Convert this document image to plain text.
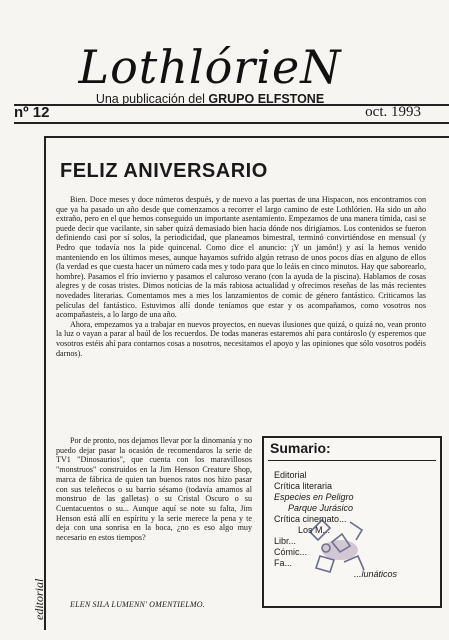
LothlórieN
Una publicación del GRUPO ELFSTONE
nº 12	oct. 1993
editorial
FELIZ ANIVERSARIO

Bien. Doce meses y doce números después, y de nuevo a las puertas de una Hispacon, nos encontramos con que ya ha pasado un año desde que comenzamos a recorrer el largo camino de este Lothlórien. Ha sido un año extraño, pero en el que hemos conseguido un importante asentamiento. Empezamos de una manera tímida, casi se puede decir que vacilante, sin saber quizá demasiado bien hacia dónde nos dirigíamos. Los contenidos se fueron definiendo casi por sí solos, la periodicidad, que planeamos bimestral, terminó convirtiéndose en mensual (y Pedro que todavía nos la pide quincenal. Como dice el anuncio: ¡Y un jamón!) y así la hemos venido manteniendo en los últimos meses, aunque hayamos sufrido algún retraso de unos pocos días en alguno de ellos (la verdad es que cuesta hacer un número cada mes y todo para que lo leáis en cinco minutos. Hay que saborearlo, hombre). Pasamos el frío invierno y pasamos el caluroso verano (con la ayuda de la piscina). Hablamos de cosas alegres y de cosas tristes. Dimos noticias de la más rabiosa actualidad y ofrecimos reseñas de las más recientes novedades literarias. Comentamos mes a mes los lanzamientos de comic de género fantástico. Criticamos las películas del fantástico. Estuvimos allí donde teníamos que estar y os acompañamos, como vosotros nos acompañasteis, a lo largo de una año.

Ahora, empezamos ya a trabajar en nuevos proyectos, en nuevas ilusiones que quizá, o quizá no, vean pronto la luz o vayan a parar al baúl de los recuerdos. De todas maneras estaremos ahí para contároslo (y esperemos que vosotros estéis ahí para contarnos cosas a nosotros, necesitamos el apoyo y las opiniones que sólo vosotros podéis darnos).

Por de pronto, nos dejamos llevar por la dinomanía y no puedo dejar pasar la ocasión de recomendaros la serie de TV1 "Dinosaurios", que cuenta con los maravillosos "monstruos" construidos en la Jim Henson Creature Shop, marca de fábrica de quien tan buenos ratos nos hizo pasar con sus teleñecos o su barrio sésamo (todavía amamos al monstruo de las galletas) o su Cristal Oscuro o su Cuentacuentos o su... Aunque aquí se note su falta, Jim Henson está allí en espíritu y la serie merece la pena y te deja con una sonrisa en la boca, ¿no es eso algo muy necesario en estos tiempos?

ELEN SILA LUMENN' OMENTIELMO.
Sumario:
Editorial
Crítica literaria
Especies en Peligro
Parque Jurásico
Crítica cinemato...
Los M...
Libr...
Cómic...
Fa...
...lunáticos
